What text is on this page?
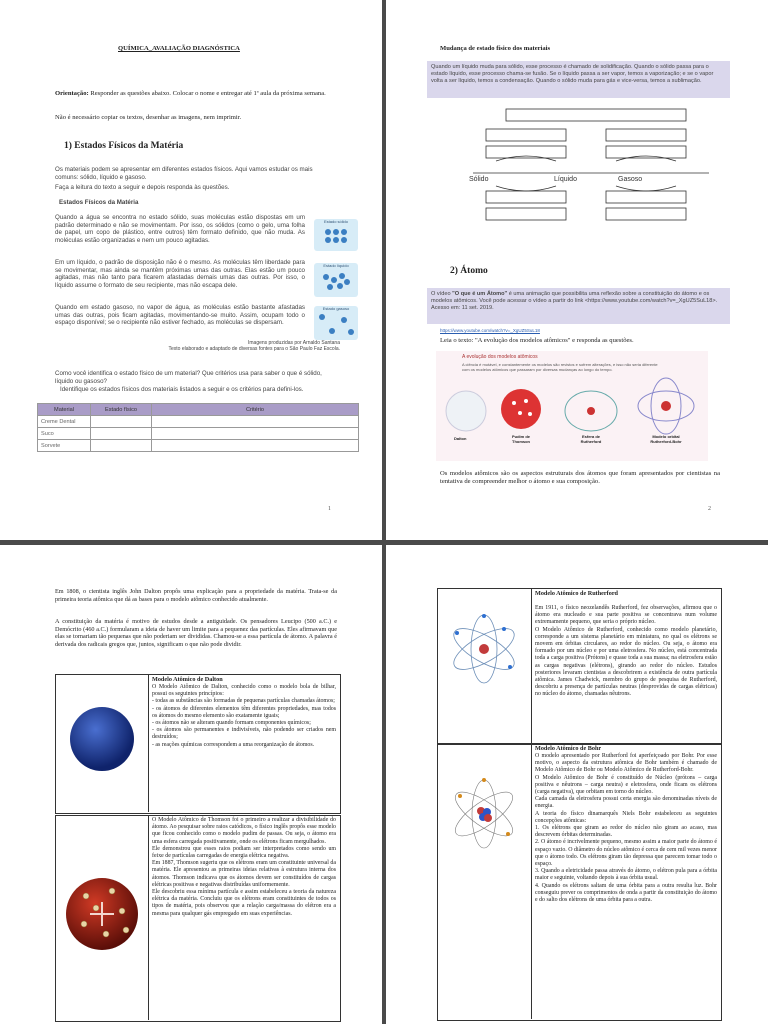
QUÍMICA_AVALIAÇÃO DIAGNÓSTICA
Orientação: Responder as questões abaixo. Colocar o nome e entregar até 1ª aula da próxima semana.
Não é necessário copiar os textos, desenhar as imagens, nem imprimir.
1) Estados Físicos da Matéria
Os materiais podem se apresentar em diferentes estados físicos. Aqui vamos estudar os mais comuns: sólido, líquido e gasoso.
Faça a leitura do texto a seguir e depois responda às questões.
Estados Físicos da Matéria
Quando a água se encontra no estado sólido, suas moléculas estão dispostas em um padrão determinado e não se movimentam. Por isso, os sólidos (como o gelo, uma folha de papel, um copo de plástico, entre outros) têm formato definido, que não muda. As moléculas estão organizadas e nem um pouco agitadas.
Em um líquido, o padrão de disposição não é o mesmo. As moléculas têm liberdade para se movimentar, mas ainda se mantêm próximas umas das outras. Elas estão um pouco agitadas, mas não tanto para ficarem afastadas demais umas das outras. Por isso, o líquido assume o formato de seu recipiente, mas não escapa dele.
Quando em estado gasoso, no vapor de água, as moléculas estão bastante afastadas umas das outras, pois ficam agitadas, movimentando-se muito. Assim, ocupam todo o espaço disponível; se o recipiente não estiver fechado, as moléculas se dispersam.
Estado sólido
Estado líquido
Estado gasoso
Imagens produzidas por Arnaldo Santana
Texto elaborado e adaptado de diversas fontes para o São Paulo Faz Escola.
Como você identifica o estado físico de um material? Que critérios usa para saber o que é sólido, líquido ou gasoso?
Identifique os estados físicos dos materiais listados a seguir e os critérios para defini-los.
Material	Estado físico	Critério
Creme Dental		
Suco		
Sorvete		
1
Mudança de estado físico dos materiais
Quando um líquido muda para sólido, esse processo é chamado de solidificação. Quando o sólido passa para o estado líquido, esse processo chama-se fusão. Se o líquido passa a ser vapor, temos a vaporização; e se o vapor volta a ser líquido, temos a condensação. Quando o sólido muda para gás e vice-versa, temos a sublimação.
Sólido	Líquido	Gasoso
2) Átomo
O vídeo "O que é um Átomo" é uma animação que possibilita uma reflexão sobre a constituição do átomo e os modelos atômicos. Você pode acessar o vídeo a partir do link <https://www.youtube.com/watch?v=_XgUZ5SuL18>. Acesso em: 11 set. 2019.
https://www.youtube.com/watch?v=_XgUZ5SuL18
Leia o texto: "A evolução dos modelos atômicos" e responda as questões.
A evolução dos modelos atômicos
A ciência é mutável, e constantemente os modelos são revistos e sofrem alterações, e isso não seria diferente com os modelos atômicos que passaram por diversas mudanças ao longo do tempo.
Dalton	Pudim de Thomson
Esfera de Rutherford
Modelo orbital Rutherford-Bohr
Os modelos atômicos são os aspectos estruturais dos átomos que foram apresentados por cientistas na tentativa de compreender melhor o átomo e sua composição.
2
Em 1808, o cientista inglês John Dalton propôs uma explicação para a propriedade da matéria. Trata-se da primeira teoria atômica que dá as bases para o modelo atômico conhecido atualmente.
A constituição da matéria é motivo de estudos desde a antiguidade. Os pensadores Leucipo (500 a.C.) e Demócrito (460 a.C.) formularam a ideia de haver um limite para a pequenez das partículas. Eles afirmavam que elas se tornariam tão pequenas que não poderiam ser divididas. Chamou-se a essa partícula de átomo. A palavra é derivada dos radicais gregos que, juntos, significam o que não pode dividir.
Modelo Atômico de Dalton
O Modelo Atômico de Dalton, conhecido como o modelo bola de bilhar, possui os seguintes princípios:
- todas as substâncias são formadas de pequenas partículas chamadas átomos;
- os átomos de diferentes elementos têm diferentes propriedades, mas todos os átomos do mesmo elemento são exatamente iguais;
- os átomos não se alteram quando formam componentes químicos;
- os átomos são permanentes e indivisíveis, não podendo ser criados nem destruídos;
- as reações químicas correspondem a uma reorganização de átomos.
O Modelo Atômico de Thomson foi o primeiro a realizar a divisibilidade do átomo. Ao pesquisar sobre raios catódicos, o físico inglês propôs esse modelo que ficou conhecido como o modelo pudim de passas. Ou seja, o átomo era uma esfera carregada positivamente, onde os elétrons ficam mergulhados.
Ele demonstrou que esses raios podiam ser interpretados como sendo um feixe de partículas carregadas de energia elétrica negativa.
Em 1887, Thomson sugeriu que os elétrons eram um constituinte universal da matéria. Ele apresentou as primeiras ideias relativas à estrutura interna dos átomos. Thomson indicava que os átomos devem ser constituídos de cargas elétricas positivas e negativas distribuídas uniformemente.
Ele descobriu essa mínima partícula e assim estabeleceu a teoria da natureza elétrica da matéria. Concluiu que os elétrons eram constituintes de todos os tipos de matéria, pois observou que a relação carga/massa do elétron era a mesma para qualquer gás empregado em suas experiências.
Modelo Atômico de Rutherford
Em 1911, o físico neozelandês Rutherford, fez observações, afirmou que o átomo era nucleado e sua parte positiva se concentrava num volume extremamente pequeno, que seria o próprio núcleo.
O Modelo Atômico de Rutherford, conhecido como modelo planetário, corresponde a um sistema planetário em miniatura, no qual os elétrons se movem em órbitas circulares, ao redor do núcleo. Ou seja, o átomo era formado por um núcleo e por uma eletrosfera. No núcleo, está concentrada toda a carga positiva (Prótons) e quase toda a sua massa; na eletrosfera estão as cargas negativas (elétrons), girando ao redor do núcleo. Estudos posteriores levaram cientistas a descobrirem a existência de outra partícula atômica. James Chadwick, membro do grupo de pesquisa de Rutherford, descobriu a presença de partículas neutras (desprovidas de cargas elétricas) no núcleo do átomo, chamadas nêutrons.
Modelo Atômico de Bohr
O modelo apresentado por Rutherford foi aperfeiçoado por Bohr. Por esse motivo, o aspecto da estrutura atômica de Bohr também é chamado de Modelo Atômico de Bohr ou Modelo Atômico de Rutherford-Bohr.
O Modelo Atômico de Bohr é constituído de Núcleo (prótons – carga positiva e nêutrons – carga neutra) e eletrosfera, onde ficam os elétrons (carga negativa), que orbitam em torno do núcleo.
Cada camada da eletrosfera possui certa energia são denominadas níveis de energia.
A teoria do físico dinamarquês Niels Bohr estabeleceu as seguintes concepções atômicas:
1. Os elétrons que giram ao redor do núcleo não giram ao acaso, mas descrevem órbitas determinadas.
2. O átomo é incrivelmente pequeno, mesmo assim a maior parte do átomo é espaço vazio. O diâmetro do núcleo atômico é cerca de cem mil vezes menor que o átomo todo. Os elétrons giram tão depressa que parecem tomar todo o espaço.
3. Quando a eletricidade passa através do átomo, o elétron pula para a órbita maior e seguinte, voltando depois à sua órbita usual.
4. Quando os elétrons saltam de uma órbita para a outra resulta luz. Bohr conseguiu prever os comprimentos de onda a partir da constituição do átomo e do salto dos elétrons de uma órbita para a outra.
